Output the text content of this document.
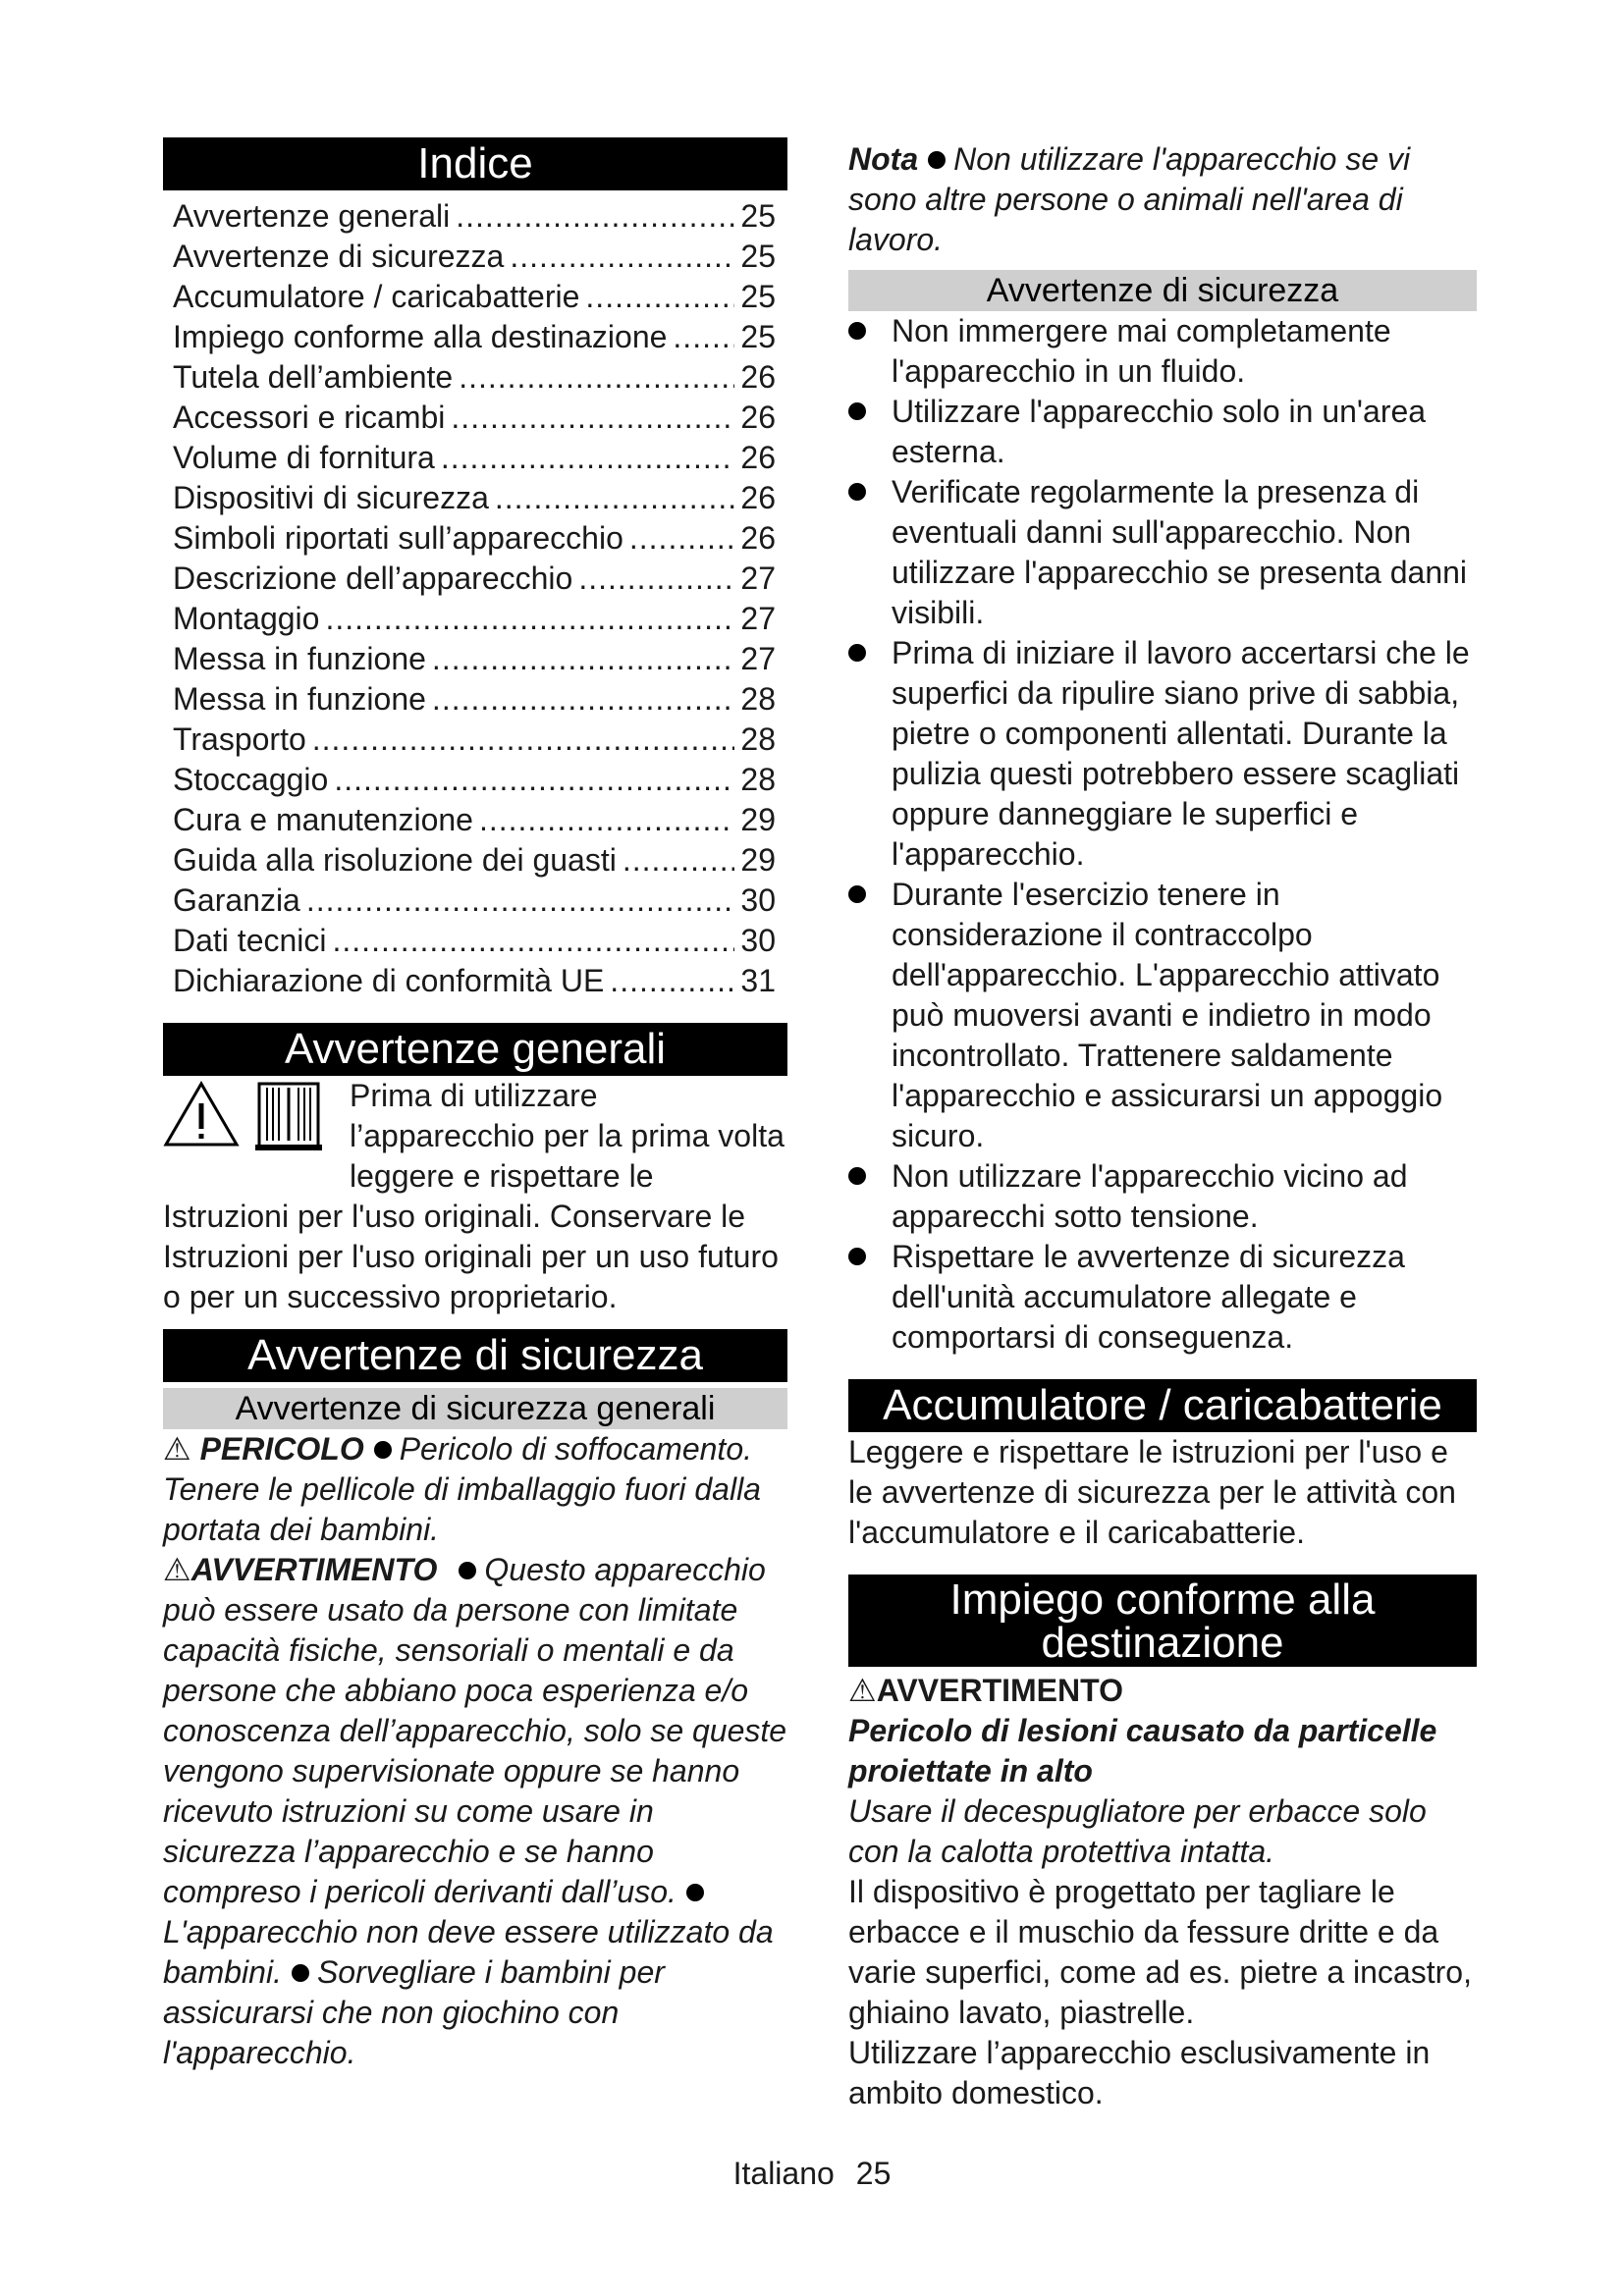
Indice
Avvertenze generali .....	25
Avvertenze di sicurezza .....	25
Accumulatore / caricabatterie .....	25
Impiego conforme alla destinazione ..... 25
Tutela dell’ambiente .....	26
Accessori e ricambi .....	26
Volume di fornitura .....	26
Dispositivi di sicurezza .....	26
Simboli riportati sull’apparecchio .....	26
Descrizione dell’apparecchio .....	27
Montaggio .....	27
Messa in funzione .....	27
Messa in funzione .....	28
Trasporto .....	28
Stoccaggio .....	28
Cura e manutenzione .....	29
Guida alla risoluzione dei guasti .....	29
Garanzia .....	30
Dati tecnici .....	30
Dichiarazione di conformità UE .....	31
Avvertenze generali

Prima di utilizzare l’apparecchio per la prima volta leggere e rispettare le Istruzioni per l'uso originali. Conservare le Istruzioni per l'uso originali per un uso futuro o per un successivo proprietario.

Avvertenze di sicurezza
Avvertenze di sicurezza generali

⚠ PERICOLO Pericolo di soffocamento. Tenere le pellicole di imballaggio fuori dalla portata dei bambini.

⚠AVVERTIMENTO Questo apparecchio può essere usato da persone con limitate capacità fisiche, sensoriali o mentali e da persone che abbiano poca esperienza e/o conoscenza dell’apparecchio, solo se queste vengono supervisionate oppure se hanno ricevuto istruzioni su come usare in sicurezza l’apparecchio e se hanno compreso i pericoli derivanti dall’uso.L'apparecchio non deve essere utilizzato da bambini. Sorvegliare i bambini per assicurarsi che non giochino con l'apparecchio.

Nota Non utilizzare l'apparecchio se vi sono altre persone o animali nell'area di lavoro.

Avvertenze di sicurezza
Non immergere mai completamente l'apparecchio in un fluido.
Utilizzare l'apparecchio solo in un'area esterna.
Verificate regolarmente la presenza di eventuali danni sull'apparecchio. Non utilizzare l'apparecchio se presenta danni visibili.
Prima di iniziare il lavoro accertarsi che le superfici da ripulire siano prive di sabbia, pietre o componenti allentati. Durante la pulizia questi potrebbero essere scagliati oppure danneggiare le superfici e l'apparecchio.
Durante l'esercizio tenere in considerazione il contraccolpo dell'apparecchio. L'apparecchio attivato può muoversi avanti e indietro in modo incontrollato. Trattenere saldamente l'apparecchio e assicurarsi un appoggio sicuro.
Non utilizzare l'apparecchio vicino ad apparecchi sotto tensione.
Rispettare le avvertenze di sicurezza dell'unità accumulatore allegate e comportarsi di conseguenza.
Accumulatore / caricabatterie

Leggere e rispettare le istruzioni per l'uso e le avvertenze di sicurezza per le attività con l'accumulatore e il caricabatterie.

Impiego conforme alla
destinazione

⚠AVVERTIMENTO

Pericolo di lesioni causato da particelle proiettate in alto

Usare il decespugliatore per erbacce solo con la calotta protettiva intatta.

Il dispositivo è progettato per tagliare le erbacce e il muschio da fessure dritte e da varie superfici, come ad es. pietre a incastro, ghiaino lavato, piastrelle.

Utilizzare l’apparecchio esclusivamente in ambito domestico.

Italiano 25
